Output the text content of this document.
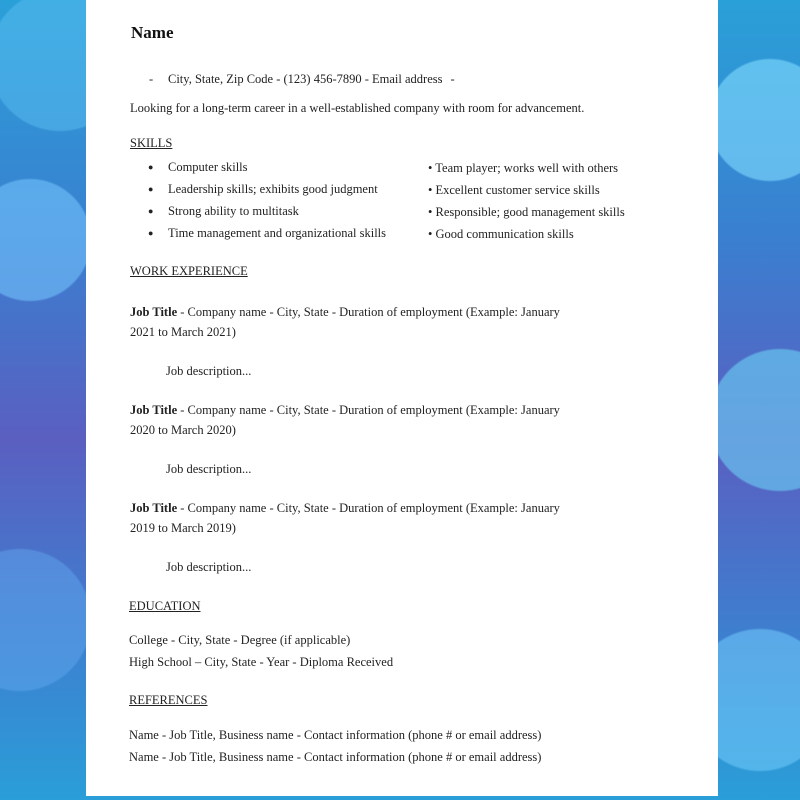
Name
-	City, State, Zip Code - (123) 456-7890 - Email address -
Looking for a long-term career in a well-established company with room for advancement.
SKILLS
● Computer skills	• Team player; works well with others
● Leadership skills; exhibits good judgment	• Excellent customer service skills
● Strong ability to multitask	• Responsible; good management skills
● Time management and organizational skills	• Good communication skills
WORK EXPERIENCE
Job Title - Company name - City, State - Duration of employment (Example: January
2021 to March 2021)
Job description...
Job Title - Company name - City, State - Duration of employment (Example: January
2020 to March 2020)
Job description...
Job Title - Company name - City, State - Duration of employment (Example: January
2019 to March 2019)
Job description...
EDUCATION
College - City, State - Degree (if applicable)
High School – City, State - Year - Diploma Received
REFERENCES
Name - Job Title, Business name - Contact information (phone # or email address)
Name - Job Title, Business name - Contact information (phone # or email address)
